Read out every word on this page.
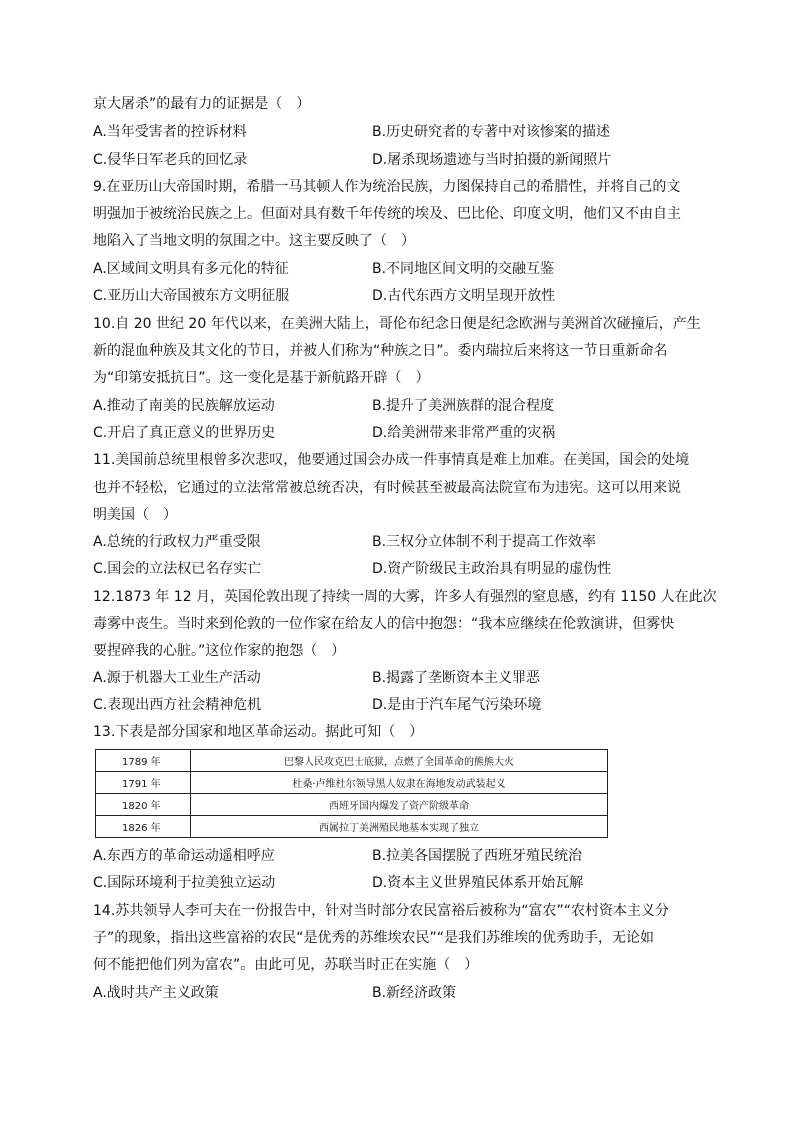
京大屠杀”的最有力的证据是（　）
A.当年受害者的控诉材料	B.历史研究者的专著中对该惨案的描述
C.侵华日军老兵的回忆录	D.屠杀现场遗迹与当时拍摄的新闻照片
9.在亚历山大帝国时期，希腊一马其顿人作为统治民族，力图保持自己的希腊性，并将自己的文
明强加于被统治民族之上。但面对具有数千年传统的埃及、巴比伦、印度文明，他们又不由自主
地陷入了当地文明的氛围之中。这主要反映了（　）
A.区域间文明具有多元化的特征	B.不同地区间文明的交融互鉴
C.亚历山大帝国被东方文明征服	D.古代东西方文明呈现开放性
10.自 20 世纪 20 年代以来，在美洲大陆上，哥伦布纪念日便是纪念欧洲与美洲首次碰撞后，产生
新的混血种族及其文化的节日，并被人们称为“种族之日”。委内瑞拉后来将这一节日重新命名
为“印第安抵抗日”。这一变化是基于新航路开辟（　）
A.推动了南美的民族解放运动	B.提升了美洲族群的混合程度
C.开启了真正意义的世界历史	D.给美洲带来非常严重的灾祸
11.美国前总统里根曾多次悲叹，他要通过国会办成一件事情真是难上加难。在美国，国会的处境
也并不轻松，它通过的立法常常被总统否决，有时候甚至被最高法院宣布为违宪。这可以用来说
明美国（　）
A.总统的行政权力严重受限	B.三权分立体制不利于提高工作效率
C.国会的立法权已名存实亡	D.资产阶级民主政治具有明显的虚伪性
12.1873 年 12 月，英国伦敦出现了持续一周的大雾，许多人有强烈的窒息感，约有 1150 人在此次
毒雾中丧生。当时来到伦敦的一位作家在给友人的信中抱怨：“我本应继续在伦敦演讲，但雾快
要捏碎我的心脏。”这位作家的抱怨（　）
A.源于机器大工业生产活动	B.揭露了垄断资本主义罪恶
C.表现出西方社会精神危机	D.是由于汽车尾气污染环境
13.下表是部分国家和地区革命运动。据此可知（　）
1789 年	巴黎人民攻克巴士底狱，点燃了全国革命的熊熊大火
1791 年	杜桑·卢维杜尔领导黑人奴隶在海地发动武装起义
1820 年	西班牙国内爆发了资产阶级革命
1826 年	西属拉丁美洲殖民地基本实现了独立
A.东西方的革命运动遥相呼应	B.拉美各国摆脱了西班牙殖民统治
C.国际环境利于拉美独立运动	D.资本主义世界殖民体系开始瓦解
14.苏共领导人李可夫在一份报告中，针对当时部分农民富裕后被称为“富农”“农村资本主义分
子”的现象，指出这些富裕的农民“是优秀的苏维埃农民”“是我们苏维埃的优秀助手，无论如
何不能把他们列为富农”。由此可见，苏联当时正在实施（　）
A.战时共产主义政策	B.新经济政策
